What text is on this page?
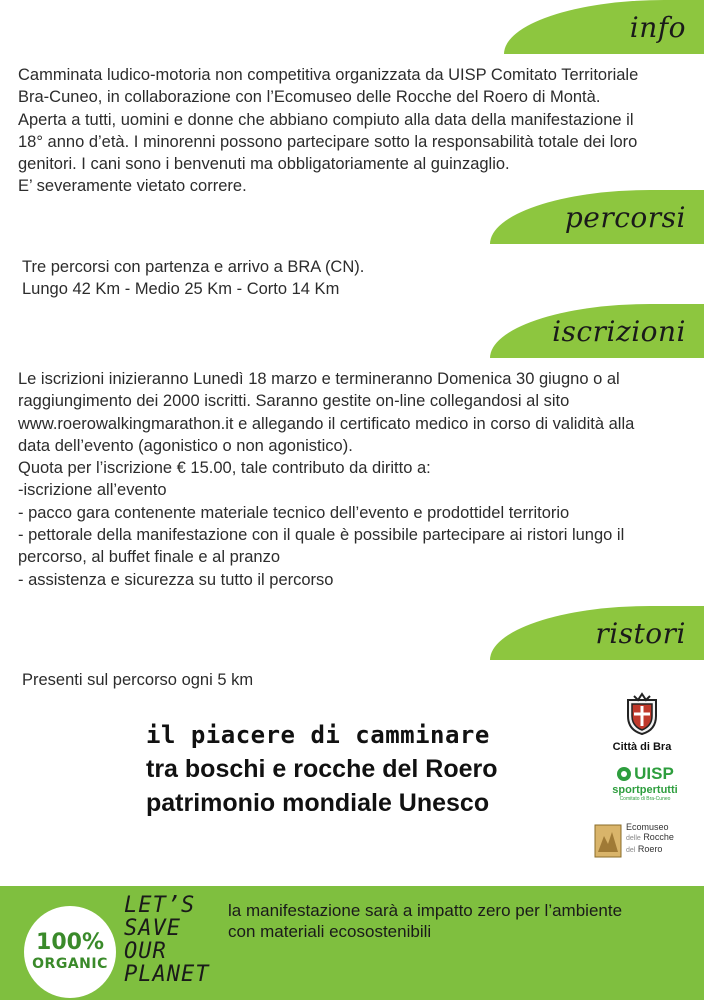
info
Camminata ludico-motoria non competitiva organizzata da UISP Comitato Territoriale
Bra-Cuneo, in collaborazione con l’Ecomuseo delle Rocche del Roero di Montà.
Aperta a tutti, uomini e donne che abbiano compiuto alla data della manifestazione il
18° anno d’età. I minorenni possono partecipare sotto la responsabilità totale dei loro
genitori. I cani sono i benvenuti ma obbligatoriamente al guinzaglio.
E’ severamente vietato correre.
percorsi
Tre percorsi con partenza e arrivo a BRA (CN).
Lungo 42 Km - Medio 25 Km - Corto 14 Km
iscrizioni
Le iscrizioni inizieranno Lunedì 18 marzo e termineranno Domenica 30 giugno o al
raggiungimento dei 2000 iscritti. Saranno gestite on-line collegandosi al sito
www.roerowalkingmarathon.it e allegando il certificato medico in corso di validità alla
data dell’evento (agonistico o non agonistico).
Quota per l’iscrizione € 15.00, tale contributo da diritto a:
-iscrizione all’evento
- pacco gara contenente materiale tecnico dell’evento e prodottidel territorio
- pettorale della manifestazione con il quale è possibile partecipare ai ristori lungo il
percorso, al buffet finale e al pranzo
- assistenza e sicurezza su tutto il percorso
ristori
Presenti sul percorso ogni 5 km
il piacere di camminare
tra boschi e rocche del Roero
patrimonio mondiale Unesco
Città di Bra
UISP
sportpertutti
Comitato di Bra-Cuneo
Ecomuseo
delle Rocche
del Roero
100%
ORGANIC
LET’S
SAVE
OUR
PLANET
la manifestazione sarà a impatto zero per l’ambiente
con materiali ecosostenibili
